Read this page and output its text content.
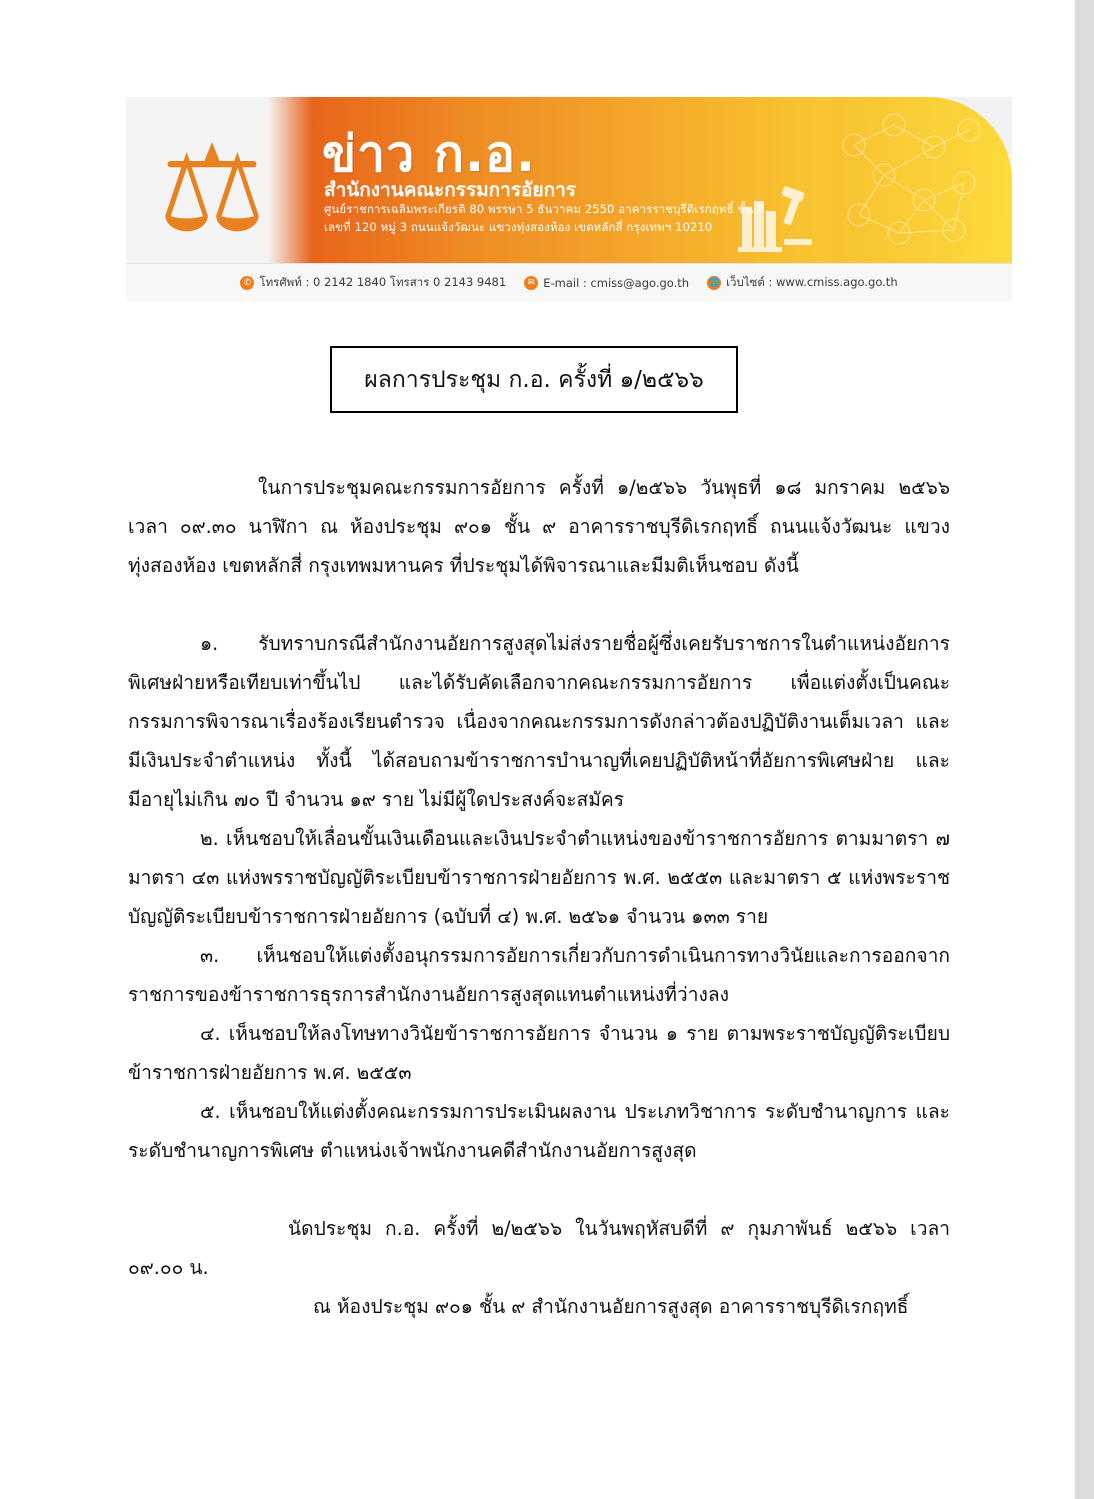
⚖ ข่าว ก.อ.
สำนักงานคณะกรรมการอัยการ
ศูนย์ราชการเฉลิมพระเกียรติ 80 พรรษา 5 ธันวาคม 2550 อาคารราชบุรีดิเรกฤทธิ์ ชั้น 8
เลขที่ 120 หมู่ 3 ถนนแจ้งวัฒนะ แขวงทุ่งสองห้อง เขตหลักสี่ กรุงเทพฯ 10210
✆ โทรศัพท์ : 0 2142 1840 โทรสาร 0 2143 9481	✉ E-mail : cmiss@ago.go.th 🌐 เว็บไซต์ : www.cmiss.ago.go.th
ผลการประชุม ก.อ. ครั้งที่ ๑/๒๕๖๖

ในการประชุมคณะกรรมการอัยการ ครั้งที่ ๑/๒๕๖๖ วันพุธที่ ๑๘ มกราคม ๒๕๖๖ เวลา ๐๙.๓๐ นาฬิกา ณ ห้องประชุม ๙๐๑ ชั้น ๙ อาคารราชบุรีดิเรกฤทธิ์ ถนนแจ้งวัฒนะ แขวงทุ่งสองห้อง เขตหลักสี่ กรุงเทพมหานคร ที่ประชุมได้พิจารณาและมีมติเห็นชอบ ดังนี้

๑. รับทราบกรณีสำนักงานอัยการสูงสุดไม่ส่งรายชื่อผู้ซึ่งเคยรับราชการในตำแหน่งอัยการพิเศษฝ่ายหรือเทียบเท่าขึ้นไป และได้รับคัดเลือกจากคณะกรรมการอัยการ เพื่อแต่งตั้งเป็นคณะกรรมการพิจารณาเรื่องร้องเรียนตำรวจ เนื่องจากคณะกรรมการดังกล่าวต้องปฏิบัติงานเต็มเวลา และมีเงินประจำตำแหน่ง ทั้งนี้ ได้สอบถามข้าราชการบำนาญที่เคยปฏิบัติหน้าที่อัยการพิเศษฝ่าย และมีอายุไม่เกิน ๗๐ ปี จำนวน ๑๙ ราย ไม่มีผู้ใดประสงค์จะสมัคร

๒. เห็นชอบให้เลื่อนขั้นเงินเดือนและเงินประจำตำแหน่งของข้าราชการอัยการ ตามมาตรา ๗ มาตรา ๔๓ แห่งพรราชบัญญัติระเบียบข้าราชการฝ่ายอัยการ พ.ศ. ๒๕๕๓ และมาตรา ๕ แห่งพระราชบัญญัติระเบียบข้าราชการฝ่ายอัยการ (ฉบับที่ ๔) พ.ศ. ๒๕๖๑ จำนวน ๑๓๓ ราย

๓. เห็นชอบให้แต่งตั้งอนุกรรมการอัยการเกี่ยวกับการดำเนินการทางวินัยและการออกจากราชการของข้าราชการธุรการสำนักงานอัยการสูงสุดแทนตำแหน่งที่ว่างลง

๔. เห็นชอบให้ลงโทษทางวินัยข้าราชการอัยการ จำนวน ๑ ราย ตามพระราชบัญญัติระเบียบข้าราชการฝ่ายอัยการ พ.ศ. ๒๕๕๓

๕. เห็นชอบให้แต่งตั้งคณะกรรมการประเมินผลงาน ประเภทวิชาการ ระดับชำนาญการ และระดับชำนาญการพิเศษ ตำแหน่งเจ้าพนักงานคดีสำนักงานอัยการสูงสุด

นัดประชุม ก.อ. ครั้งที่ ๒/๒๕๖๖ ในวันพฤหัสบดีที่ ๙ กุมภาพันธ์ ๒๕๖๖ เวลา ๐๙.๐๐ น.

ณ ห้องประชุม ๙๐๑ ชั้น ๙ สำนักงานอัยการสูงสุด อาคารราชบุรีดิเรกฤทธิ์
